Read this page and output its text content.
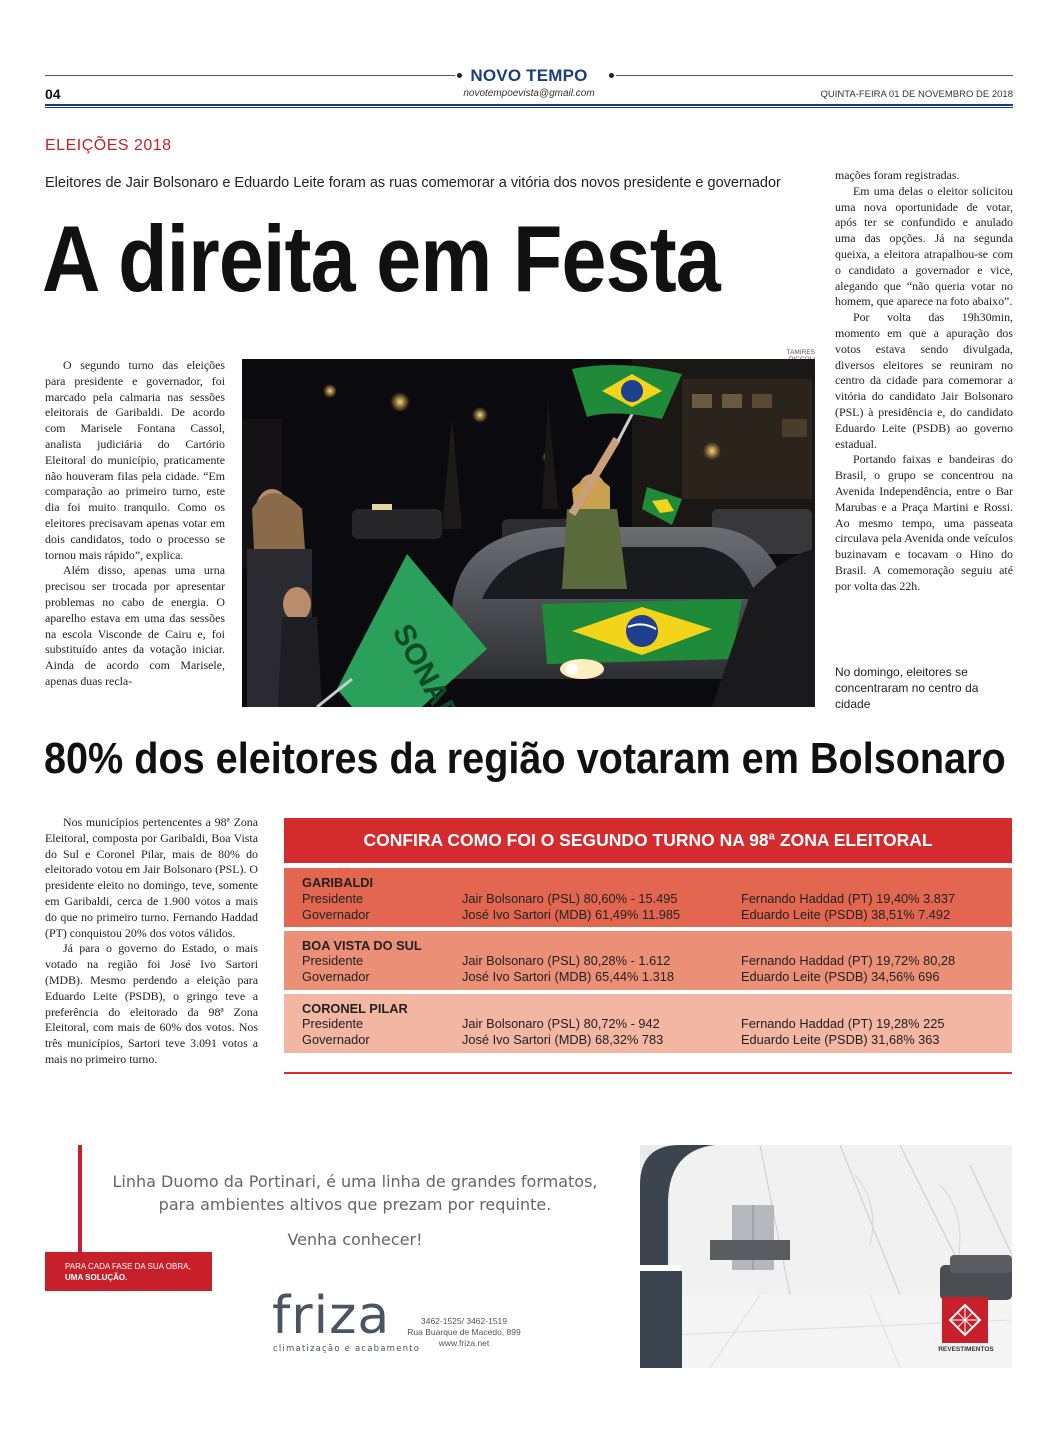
NOVO TEMPO
novotempoevista@gmail.com
04	QUINTA-FEIRA 01 DE NOVEMBRO DE 2018
ELEIÇÕES 2018
Eleitores de Jair Bolsonaro e Eduardo Leite foram as ruas comemorar a vitória dos novos presidente e governador
A direita em Festa

O segundo turno das eleições para presidente e governador, foi marcado pela calmaria nas sessões eleitorais de Garibaldi. De acordo com Marisele Fontana Cassol, analista judiciária do Cartório Eleitoral do município, praticamente não houveram filas pela cidade. “Em comparação ao primeiro turno, este dia foi muito tranquilo. Como os eleitores precisavam apenas votar em dois candidatos, todo o processo se tornou mais rápido”, explica.

Além disso, apenas uma urna precisou ser trocada por apresentar problemas no cabo de energia. O aparelho estava em uma das sessões na escola Visconde de Cairu e, foi substituído antes da votação iniciar. Ainda de acordo com Marisele, apenas duas recla-

TAMIRES
SONARO

mações foram registradas.

Em uma delas o eleitor solicitou uma nova oportunidade de votar, após ter se confundido e anulado uma das opções. Já na segunda queixa, a eleitora atrapalhou-se com o candidato a governador e vice, alegando que “não queria votar no homem, que aparece na foto abaixo”.

Por volta das 19h30min, momento em que a apuração dos votos estava sendo divulgada, diversos eleitores se reuniram no centro da cidade para comemorar a vitória do candidato Jair Bolsonaro (PSL) à presidência e, do candidato Eduardo Leite (PSDB) ao governo estadual.

Portando faixas e bandeiras do Brasil, o grupo se concentrou na Avenida Independência, entre o Bar Marubas e a Praça Martini e Rossi. Ao mesmo tempo, uma passeata circulava pela Avenida onde veículos buzinavam e tocavam o Hino do Brasil. A comemoração seguiu até por volta das 22h.

No domingo, eleitores se concentraram no centro da cidade
80% dos eleitores da região votaram em Bolsonaro

Nos municípios pertencentes a 98ª Zona Eleitoral, composta por Garibaldi, Boa Vista do Sul e Coronel Pilar, mais de 80% do eleitorado votou em Jair Bolsonaro (PSL). O presidente eleito no domingo, teve, somente em Garibaldi, cerca de 1.900 votos a mais do que no primeiro turno. Fernando Haddad (PT) conquistou 20% dos votos válidos.

Já para o governo do Estado, o mais votado na região foi José Ivo Sartori (MDB). Mesmo perdendo a eleição para Eduardo Leite (PSDB), o gringo teve a preferência do eleitorado da 98ª Zona Eleitoral, com mais de 60% dos votos. Nos três municípios, Sartori teve 3.091 votos a mais no primeiro turno.

CONFIRA COMO FOI O SEGUNDO TURNO NA 98ª ZONA ELEITORAL
GARIBALDI
Presidente
Governador
Jair Bolsonaro (PSL) 80,60% - 15.495
José Ivo Sartori (MDB) 61,49% 11.985
Fernando Haddad (PT) 19,40% 3.837
Eduardo Leite (PSDB) 38,51% 7.492
BOA VISTA DO SUL
Presidente
Governador
Jair Bolsonaro (PSL) 80,28% - 1.612
José Ivo Sartori (MDB) 65,44% 1.318
Fernando Haddad (PT) 19,72% 80,28
Eduardo Leite (PSDB) 34,56% 696
CORONEL PILAR
Presidente
Governador
Jair Bolsonaro (PSL) 80,72% - 942
José Ivo Sartori (MDB) 68,32% 783
Fernando Haddad (PT) 19,28% 225
Eduardo Leite (PSDB) 31,68% 363
PARA CADA FASE DA SUA OBRA,
UMA SOLUÇÃO.
Linha Duomo da Portinari, é uma linha de grandes formatos,
para ambientes altivos que prezam por requinte.
Venha conhecer!
friza
climatização e acabamento
3462-1525/ 3462-1519
Rua Buarque de Macedo, 899
www.friza.net
REVESTIMENTOS
